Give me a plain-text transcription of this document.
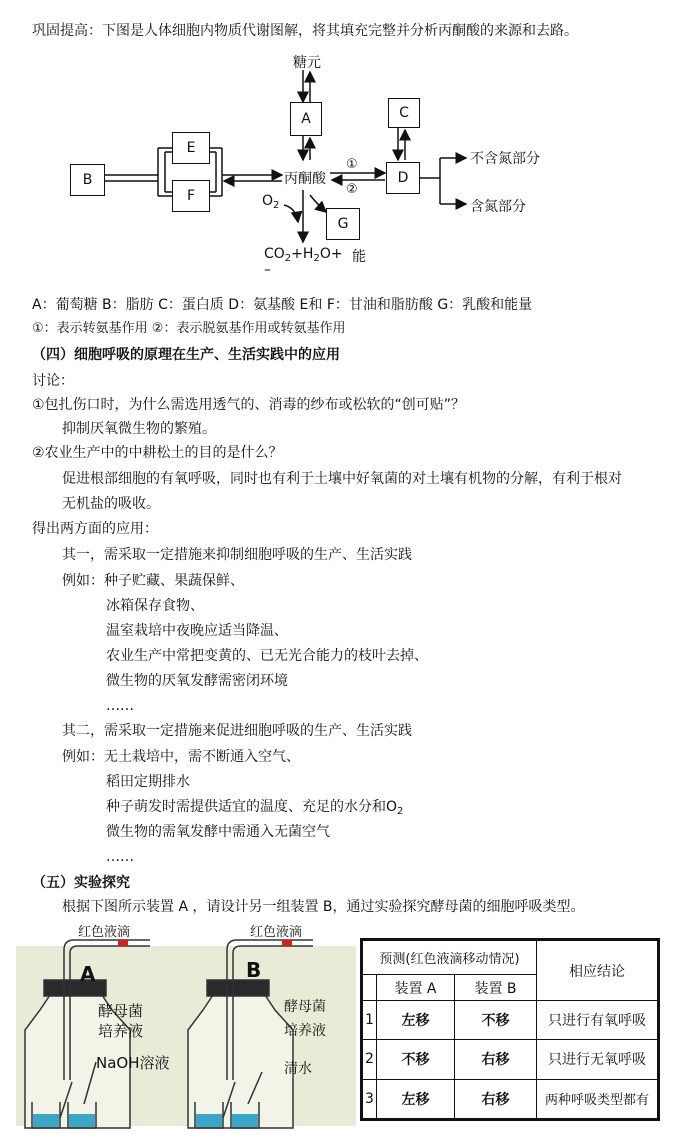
巩固提高：下图是人体细胞内物质代谢图解，将其填充完整并分析丙酮酸的来源和去路。
糖元
A	C
E
F
B	D
G
丙酮酸
①
②
不含氮部分
含氮部分
$O_2$
$CO_2+H_2O+$ 能
–
A：葡萄糖 B：脂肪 C：蛋白质 D：氨基酸 E和 F：甘油和脂肪酸 G：乳酸和能量
①：表示转氨基作用 ②：表示脱氨基作用或转氨基作用
（四）细胞呼吸的原理在生产、生活实践中的应用
讨论：
①包扎伤口时，为什么需选用透气的、消毒的纱布或松软的“创可贴”？
抑制厌氧微生物的繁殖。
②农业生产中的中耕松土的目的是什么？
促进根部细胞的有氧呼吸，同时也有利于土壤中好氧菌的对土壤有机物的分解，有利于根对
无机盐的吸收。
得出两方面的应用：
其一，需采取一定措施来抑制细胞呼吸的生产、生活实践
例如：种子贮藏、果蔬保鲜、
冰箱保存食物、
温室栽培中夜晚应适当降温、
农业生产中常把变黄的、已无光合能力的枝叶去掉、
微生物的厌氧发酵需密闭环境
……
其二，需采取一定措施来促进细胞呼吸的生产、生活实践
例如：无土栽培中，需不断通入空气、
稻田定期排水
种子萌发时需提供适宜的温度、充足的水分和$O_2$
微生物的需氧发酵中需通入无菌空气
……
（五）实验探究
根据下图所示装置 A ，请设计另一组装置 B，通过实验探究酵母菌的细胞呼吸类型。
红色液滴
A
酵母菌
培养液
NaOH溶液
红色液滴
B
酵母菌
培养液
清水
预测(红色液滴移动情况)			相应结论
	装置 A	装置 B	
1	左移	不移	只进行有氧呼吸
2	不移	右移	只进行无氧呼吸
3	左移	右移	两种呼吸类型都有
